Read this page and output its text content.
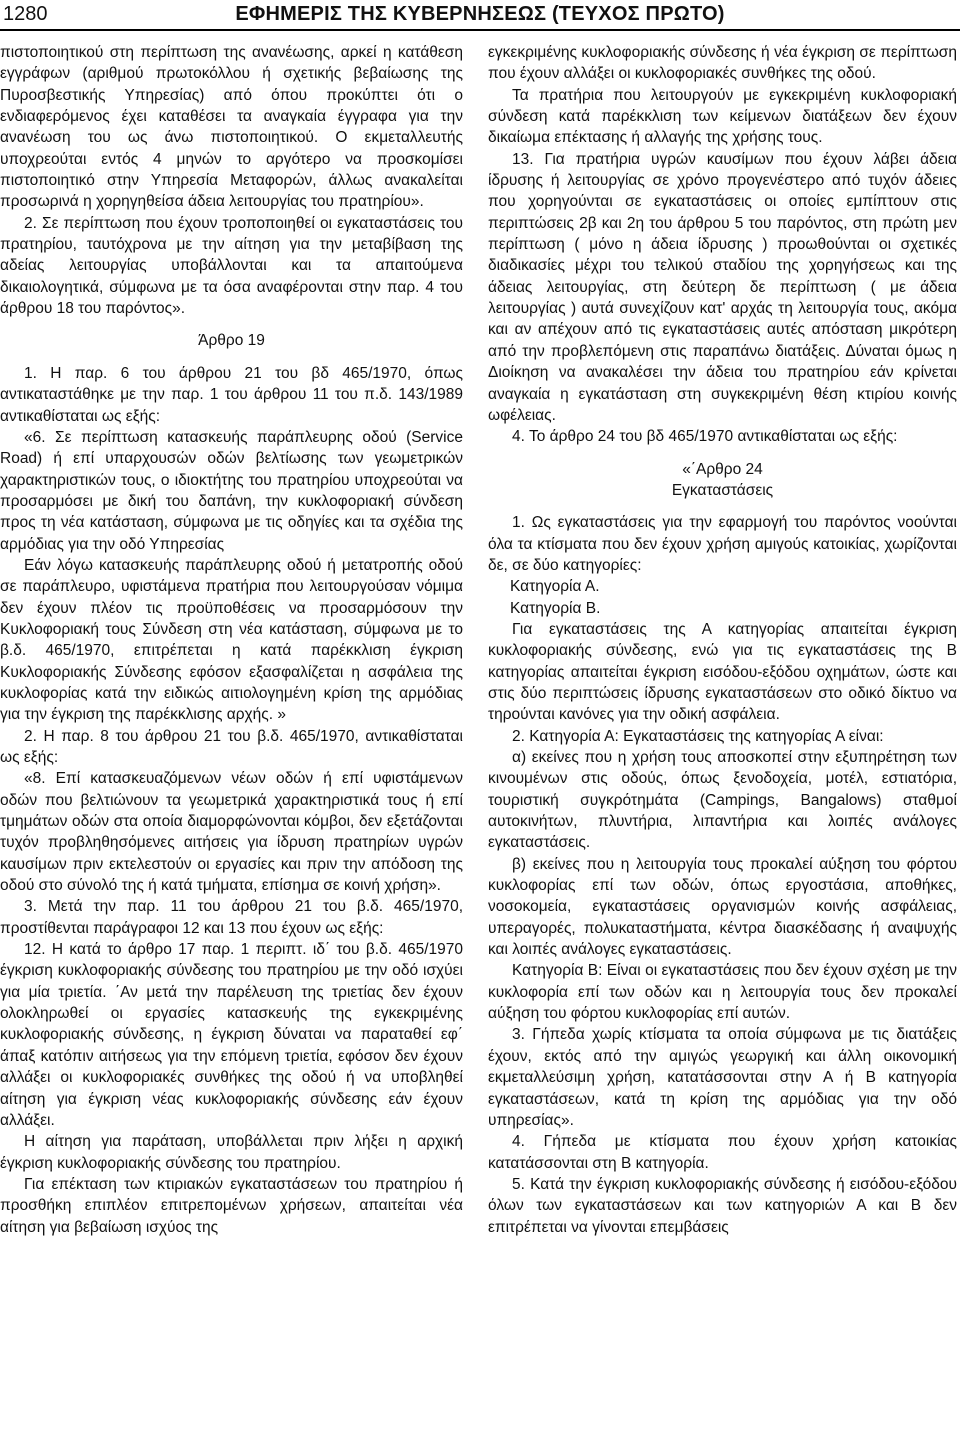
1280	ΕΦΗΜΕΡΙΣ ΤΗΣ ΚΥΒΕΡΝΗΣΕΩΣ (ΤΕΥΧΟΣ ΠΡΩΤΟ)

πιστοποιητικού στη περίπτωση της ανανέωσης, αρκεί η κατάθεση εγγράφων (αριθμού πρωτοκόλλου ή σχετικής βεβαίωσης της Πυροσβεστικής Υπηρεσίας) από όπου προκύπτει ότι ο ενδιαφερόμενος έχει καταθέσει τα αναγκαία έγγραφα για την ανανέωση του ως άνω πιστοποιητικού. Ο εκμεταλλευτής υποχρεούται εντός 4 μηνών το αργότερο να προσκομίσει πιστοποιητικό στην Υπηρεσία Μεταφορών, άλλως ανακαλείται προσωρινά η χορηγηθείσα άδεια λειτουργίας του πρατηρίου».

2. Σε περίπτωση που έχουν τροποποιηθεί οι εγκαταστάσεις του πρατηρίου, ταυτόχρονα με την αίτηση για την μεταβίβαση της αδείας λειτουργίας υποβάλλονται και τα απαιτούμενα δικαιολογητικά, σύμφωνα με τα όσα αναφέρονται στην παρ. 4 του άρθρου 18 του παρόντος».

Άρθρο 19

1. Η παρ. 6 του άρθρου 21 του βδ 465/1970, όπως αντικαταστάθηκε με την παρ. 1 του άρθρου 11 του π.δ. 143/1989 αντικαθίσταται ως εξής:

«6. Σε περίπτωση κατασκευής παράπλευρης οδού (Service Road) ή επί υπαρχουσών οδών βελτίωσης των γεωμετρικών χαρακτηριστικών τους, ο ιδιοκτήτης του πρατηρίου υποχρεούται να προσαρμόσει με δική του δαπάνη, την κυκλοφοριακή σύνδεση προς τη νέα κατάσταση, σύμφωνα με τις οδηγίες και τα σχέδια της αρμόδιας για την οδό Υπηρεσίας

Εάν λόγω κατασκευής παράπλευρης οδού ή μετατροπής οδού σε παράπλευρο, υφιστάμενα πρατήρια που λειτουργούσαν νόμιμα δεν έχουν πλέον τις προϋποθέσεις να προσαρμόσουν την Κυκλοφοριακή τους Σύνδεση στη νέα κατάσταση, σύμφωνα με το β.δ. 465/1970, επιτρέπεται η κατά παρέκκλιση έγκριση Κυκλοφοριακής Σύνδεσης εφόσον εξασφαλίζεται η ασφάλεια της κυκλοφορίας κατά την ειδικώς αιτιολογημένη κρίση της αρμόδιας για την έγκριση της παρέκκλισης αρχής. »

2. Η παρ. 8 του άρθρου 21 του β.δ. 465/1970, αντικαθίσταται ως εξής:

«8. Επί κατασκευαζόμενων νέων οδών ή επί υφιστάμενων οδών που βελτιώνουν τα γεωμετρικά χαρακτηριστικά τους ή επί τμημάτων οδών στα οποία διαμορφώνονται κόμβοι, δεν εξετάζονται τυχόν προβληθησόμενες αιτήσεις για ίδρυση πρατηρίων υγρών καυσίμων πριν εκτελεστούν οι εργασίες και πριν την απόδοση της οδού στο σύνολό της ή κατά τμήματα, επίσημα σε κοινή χρήση».

3. Μετά την παρ. 11 του άρθρου 21 του β.δ. 465/1970, προστίθενται παράγραφοι 12 και 13 που έχουν ως εξής:

12. Η κατά το άρθρο 17 παρ. 1 περιπτ. ιδ΄ του β.δ. 465/1970 έγκριση κυκλοφοριακής σύνδεσης του πρατηρίου με την οδό ισχύει για μία τριετία. ΄Αν μετά την παρέλευση της τριετίας δεν έχουν ολοκληρωθεί οι εργασίες κατασκευής της εγκεκριμένης κυκλοφοριακής σύνδεσης, η έγκριση δύναται να παραταθεί εφ΄ άπαξ κατόπιν αιτήσεως για την επόμενη τριετία, εφόσον δεν έχουν αλλάξει οι κυκλοφοριακές συνθήκες της οδού ή να υποβληθεί αίτηση για έγκριση νέας κυκλοφοριακής σύνδεσης εάν έχουν αλλάξει.

Η αίτηση για παράταση, υποβάλλεται πριν λήξει η αρχική έγκριση κυκλοφοριακής σύνδεσης του πρατηρίου.

Για επέκταση των κτιριακών εγκαταστάσεων του πρατηρίου ή προσθήκη επιπλέον επιτρεπομένων χρήσεων, απαιτείται νέα αίτηση για βεβαίωση ισχύος της

εγκεκριμένης κυκλοφοριακής σύνδεσης ή νέα έγκριση σε περίπτωση που έχουν αλλάξει οι κυκλοφοριακές συνθήκες της οδού.

Τα πρατήρια που λειτουργούν με εγκεκριμένη κυκλοφοριακή σύνδεση κατά παρέκκλιση των κείμενων διατάξεων δεν έχουν δικαίωμα επέκτασης ή αλλαγής της χρήσης τους.

13. Για πρατήρια υγρών καυσίμων που έχουν λάβει άδεια ίδρυσης ή λειτουργίας σε χρόνο προγενέστερο από τυχόν άδειες που χορηγούνται σε εγκαταστάσεις οι οποίες εμπίπτουν στις περιπτώσεις 2β και 2η του άρθρου 5 του παρόντος, στη πρώτη μεν περίπτωση ( μόνο η άδεια ίδρυσης ) προωθούνται οι σχετικές διαδικασίες μέχρι του τελικού σταδίου της χορηγήσεως και της άδειας λειτουργίας, στη δεύτερη δε περίπτωση ( με άδεια λειτουργίας ) αυτά συνεχίζουν κατ' αρχάς τη λειτουργία τους, ακόμα και αν απέχουν από τις εγκαταστάσεις αυτές απόσταση μικρότερη από την προβλεπόμενη στις παραπάνω διατάξεις. Δύναται όμως η Διοίκηση να ανακαλέσει την άδεια του πρατηρίου εάν κρίνεται αναγκαία η εγκατάσταση στη συγκεκριμένη θέση κτιρίου κοινής ωφέλειας.

4. Το άρθρο 24 του βδ 465/1970 αντικαθίσταται ως εξής:

«΄Αρθρο 24

Εγκαταστάσεις

1. Ως εγκαταστάσεις για την εφαρμογή του παρόντος νοούνται όλα τα κτίσματα που δεν έχουν χρήση αμιγούς κατοικίας, χωρίζονται δε, σε δύο κατηγορίες:

Κατηγορία Α.

Κατηγορία Β.

Για εγκαταστάσεις της Α κατηγορίας απαιτείται έγκριση κυκλοφοριακής σύνδεσης, ενώ για τις εγκαταστάσεις της Β κατηγορίας απαιτείται έγκριση εισόδου-εξόδου οχημάτων, ώστε και στις δύο περιπτώσεις ίδρυσης εγκαταστάσεων στο οδικό δίκτυο να τηρούνται κανόνες για την οδική ασφάλεια.

2. Κατηγορία Α: Εγκαταστάσεις της κατηγορίας Α είναι:

α) εκείνες που η χρήση τους αποσκοπεί στην εξυπηρέτηση των κινουμένων στις οδούς, όπως ξενοδοχεία, μοτέλ, εστιατόρια, τουριστική συγκρότημάτα (Campings, Bangalows) σταθμοί αυτοκινήτων, πλυντήρια, λιπαντήρια και λοιπές ανάλογες εγκαταστάσεις.

β) εκείνες που η λειτουργία τους προκαλεί αύξηση του φόρτου κυκλοφορίας επί των οδών, όπως εργοστάσια, αποθήκες, νοσοκομεία, εγκαταστάσεις οργανισμών κοινής ασφάλειας, υπεραγορές, πολυκαταστήματα, κέντρα διασκέδασης ή αναψυχής και λοιπές ανάλογες εγκαταστάσεις.

Κατηγορία Β: Είναι οι εγκαταστάσεις που δεν έχουν σχέση με την κυκλοφορία επί των οδών και η λειτουργία τους δεν προκαλεί αύξηση του φόρτου κυκλοφορίας επί αυτών.

3. Γήπεδα χωρίς κτίσματα τα οποία σύμφωνα με τις διατάξεις έχουν, εκτός από την αμιγώς γεωργική και άλλη οικονομική εκμεταλλεύσιμη χρήση, κατατάσσονται στην Α ή Β κατηγορία εγκαταστάσεων, κατά τη κρίση της αρμόδιας για την οδό υπηρεσίας».

4. Γήπεδα με κτίσματα που έχουν χρήση κατοικίας κατατάσσονται στη Β κατηγορία.

5. Κατά την έγκριση κυκλοφοριακής σύνδεσης ή εισόδου-εξόδου όλων των εγκαταστάσεων και των κατηγοριών Α και Β δεν επιτρέπεται να γίνονται επεμβάσεις
